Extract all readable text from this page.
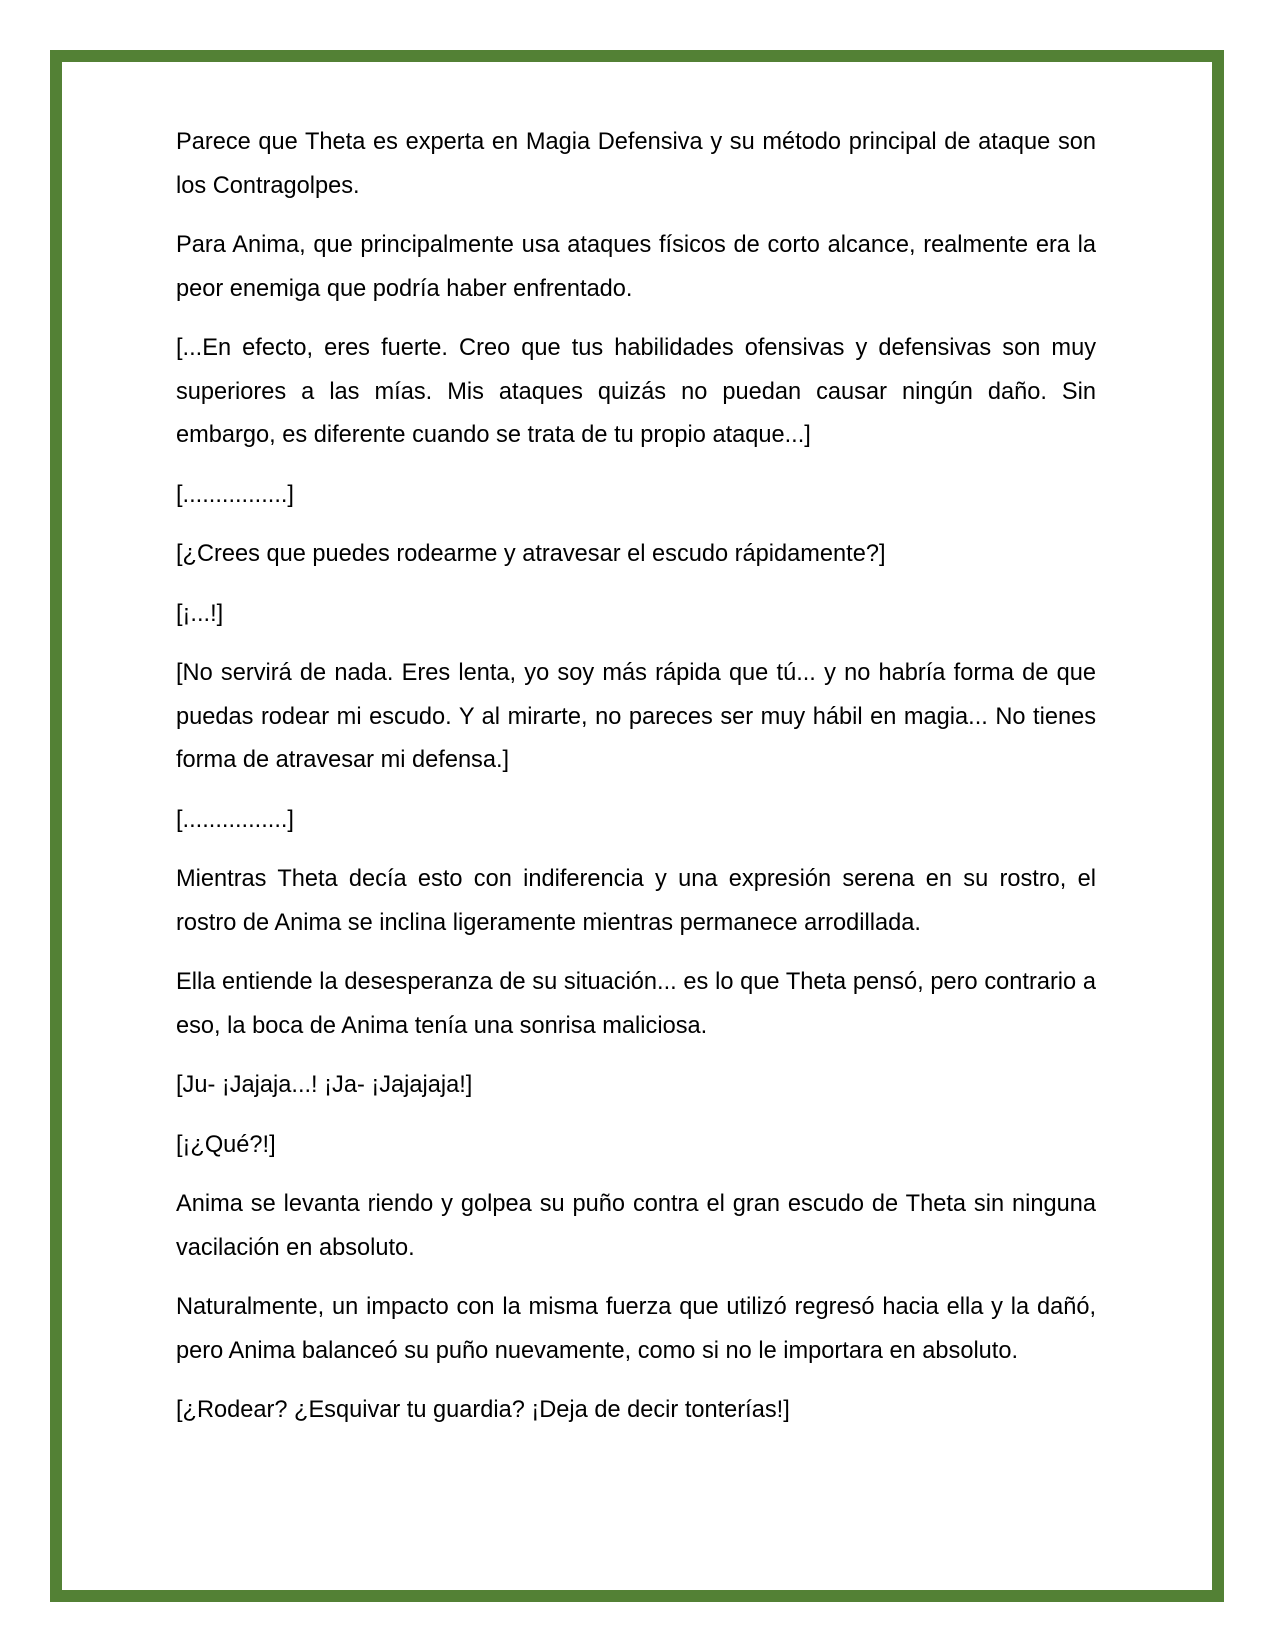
Parece que Theta es experta en Magia Defensiva y su método principal de ataque son los Contragolpes.

Para Anima, que principalmente usa ataques físicos de corto alcance, realmente era la peor enemiga que podría haber enfrentado.

[...En efecto, eres fuerte. Creo que tus habilidades ofensivas y defensivas son muy superiores a las mías. Mis ataques quizás no puedan causar ningún daño. Sin embargo, es diferente cuando se trata de tu propio ataque...]

[................]

[¿Crees que puedes rodearme y atravesar el escudo rápidamente?]

[¡...!]

[No servirá de nada. Eres lenta, yo soy más rápida que tú... y no habría forma de que puedas rodear mi escudo. Y al mirarte, no pareces ser muy hábil en magia... No tienes forma de atravesar mi defensa.]

[................]

Mientras Theta decía esto con indiferencia y una expresión serena en su rostro, el rostro de Anima se inclina ligeramente mientras permanece arrodillada.

Ella entiende la desesperanza de su situación... es lo que Theta pensó, pero contrario a eso, la boca de Anima tenía una sonrisa maliciosa.

[Ju- ¡Jajaja...! ¡Ja- ¡Jajajaja!]

[¡¿Qué?!]

Anima se levanta riendo y golpea su puño contra el gran escudo de Theta sin ninguna vacilación en absoluto.

Naturalmente, un impacto con la misma fuerza que utilizó regresó hacia ella y la dañó, pero Anima balanceó su puño nuevamente, como si no le importara en absoluto.

[¿Rodear? ¿Esquivar tu guardia? ¡Deja de decir tonterías!]
